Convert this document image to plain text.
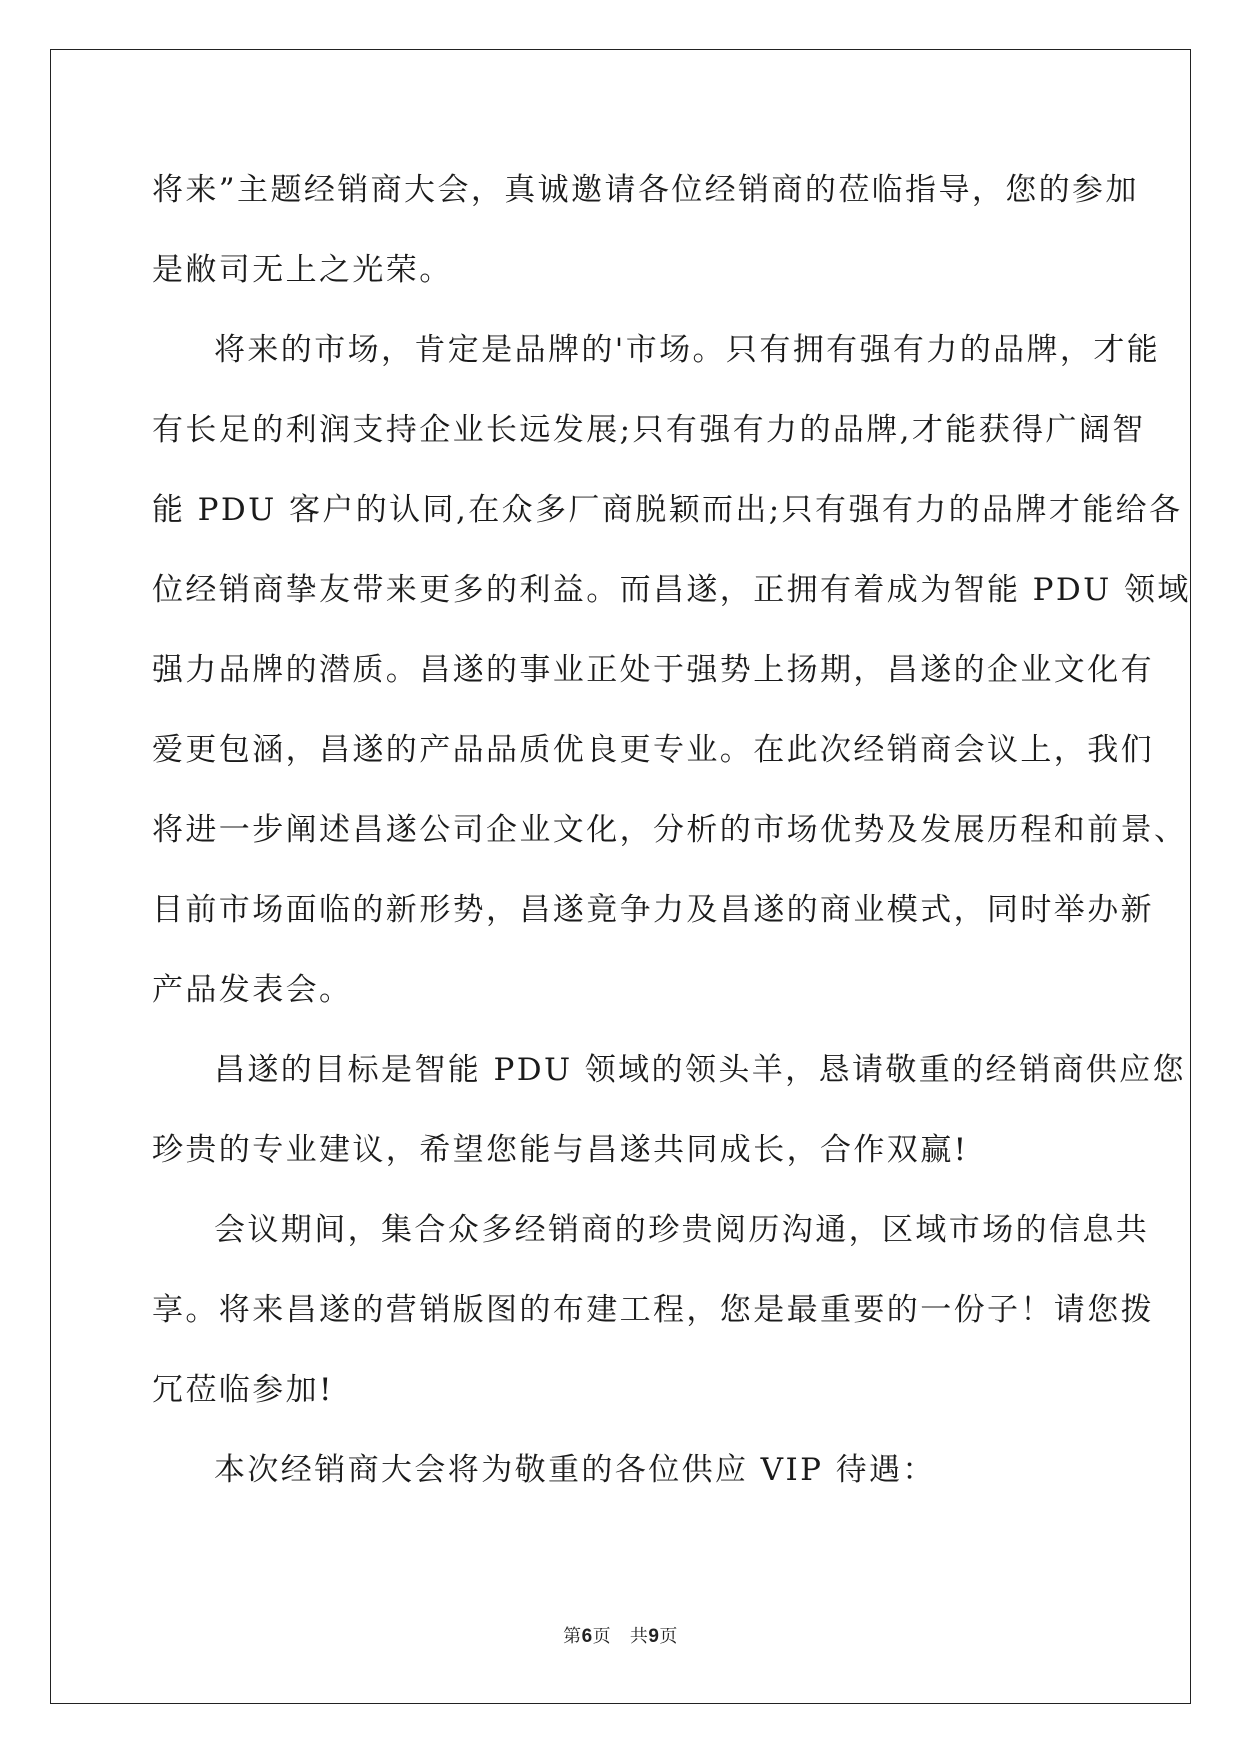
将来”主题经销商大会，真诚邀请各位经销商的莅临指导，您的参加
是敝司无上之光荣。
将来的市场，肯定是品牌的'市场。只有拥有强有力的品牌，才能
有长足的利润支持企业长远发展;只有强有力的品牌,才能获得广阔智
能 PDU 客户的认同,在众多厂商脱颖而出;只有强有力的品牌才能给各
位经销商挚友带来更多的利益。而昌遂，正拥有着成为智能 PDU 领域
强力品牌的潜质。昌遂的事业正处于强势上扬期，昌遂的企业文化有
爱更包涵，昌遂的产品品质优良更专业。在此次经销商会议上，我们
将进一步阐述昌遂公司企业文化，分析的市场优势及发展历程和前景、
目前市场面临的新形势，昌遂竟争力及昌遂的商业模式，同时举办新
产品发表会。
昌遂的目标是智能 PDU 领域的领头羊，恳请敬重的经销商供应您
珍贵的专业建议，希望您能与昌遂共同成长，合作双赢!
会议期间，集合众多经销商的珍贵阅历沟通，区域市场的信息共
享。将来昌遂的营销版图的布建工程，您是最重要的一份子！请您拨
冗莅临参加!
本次经销商大会将为敬重的各位供应 VIP 待遇：
第6页 共9页
